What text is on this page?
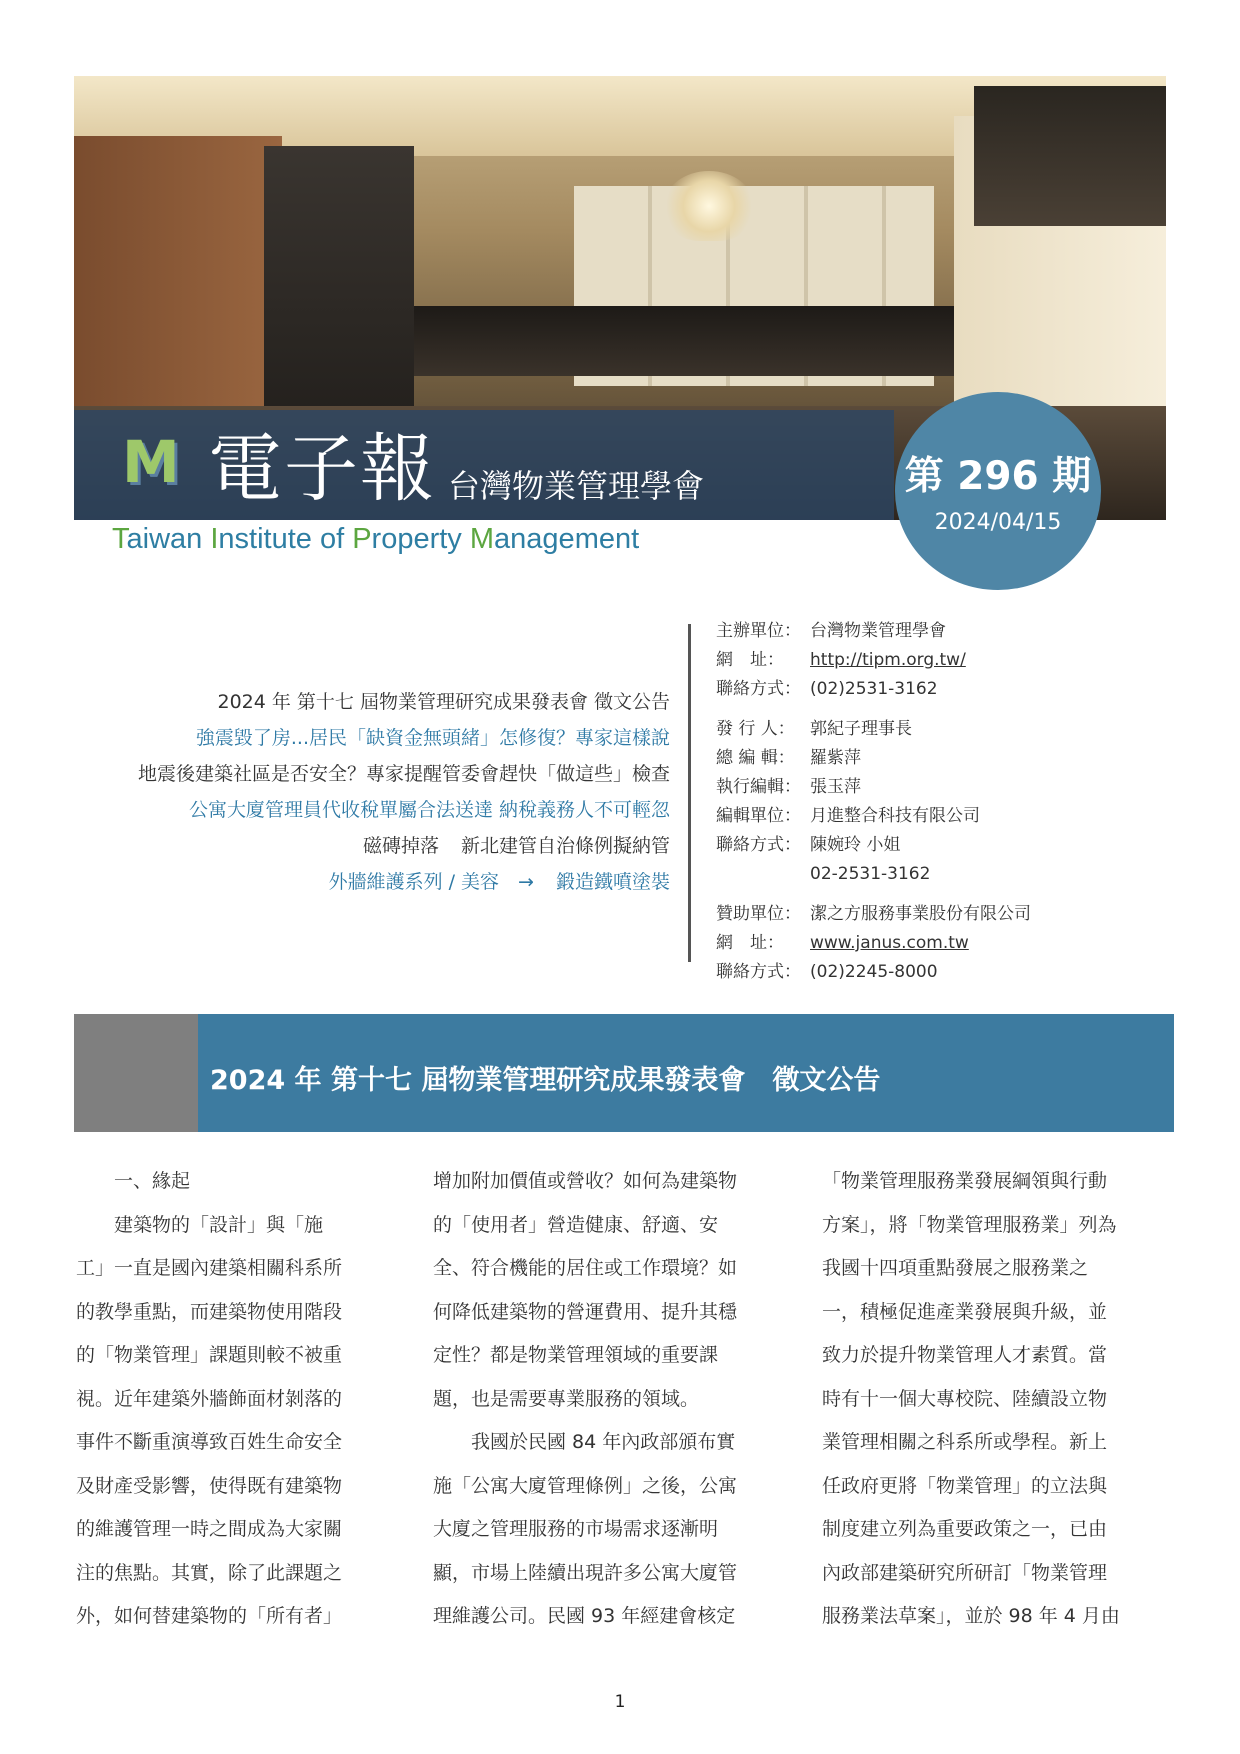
M 電子報 台灣物業管理學會
Taiwan Institute of Property Management
第 296 期
2024/04/15
2024 年 第十七 屆物業管理研究成果發表會 徵文公告
強震毀了房...居民「缺資金無頭緒」怎修復？專家這樣說
地震後建築社區是否安全？專家提醒管委會趕快「做這些」檢查
公寓大廈管理員代收稅單屬合法送達 納稅義務人不可輕忽
磁磚掉落 新北建管自治條例擬納管
外牆維護系列 / 美容　→ 鍛造鐵噴塗裝
主辦單位： 台灣物業管理學會
網　址： http://tipm.org.tw/
聯絡方式： (02)2531-3162
發 行 人： 郭紀子理事長
總 編 輯： 羅紫萍
執行編輯： 張玉萍
編輯單位： 月進整合科技有限公司
聯絡方式： 陳婉玲 小姐
02-2531-3162
贊助單位： 潔之方服務事業股份有限公司
網　址： www.janus.com.tw
聯絡方式： (02)2245-8000
2024 年 第十七 屆物業管理研究成果發表會　徵文公告
一、緣起
建築物的「設計」與「施
工」一直是國內建築相關科系所
的教學重點，而建築物使用階段
的「物業管理」課題則較不被重
視。近年建築外牆飾面材剝落的
事件不斷重演導致百姓生命安全
及財產受影響，使得既有建築物
的維護管理一時之間成為大家關
注的焦點。其實，除了此課題之
外，如何替建築物的「所有者」
增加附加價值或營收？如何為建築物
的「使用者」營造健康、舒適、安
全、符合機能的居住或工作環境？如
何降低建築物的營運費用、提升其穩
定性？都是物業管理領域的重要課
題，也是需要專業服務的領域。
我國於民國 84 年內政部頒布實
施「公寓大廈管理條例」之後，公寓
大廈之管理服務的市場需求逐漸明
顯，市場上陸續出現許多公寓大廈管
理維護公司。民國 93 年經建會核定
「物業管理服務業發展綱領與行動
方案」，將「物業管理服務業」列為
我國十四項重點發展之服務業之
一，積極促進產業發展與升級，並
致力於提升物業管理人才素質。當
時有十一個大專校院、陸續設立物
業管理相關之科系所或學程。新上
任政府更將「物業管理」的立法與
制度建立列為重要政策之一，已由
內政部建築研究所研訂「物業管理
服務業法草案」，並於 98 年 4 月由
1
